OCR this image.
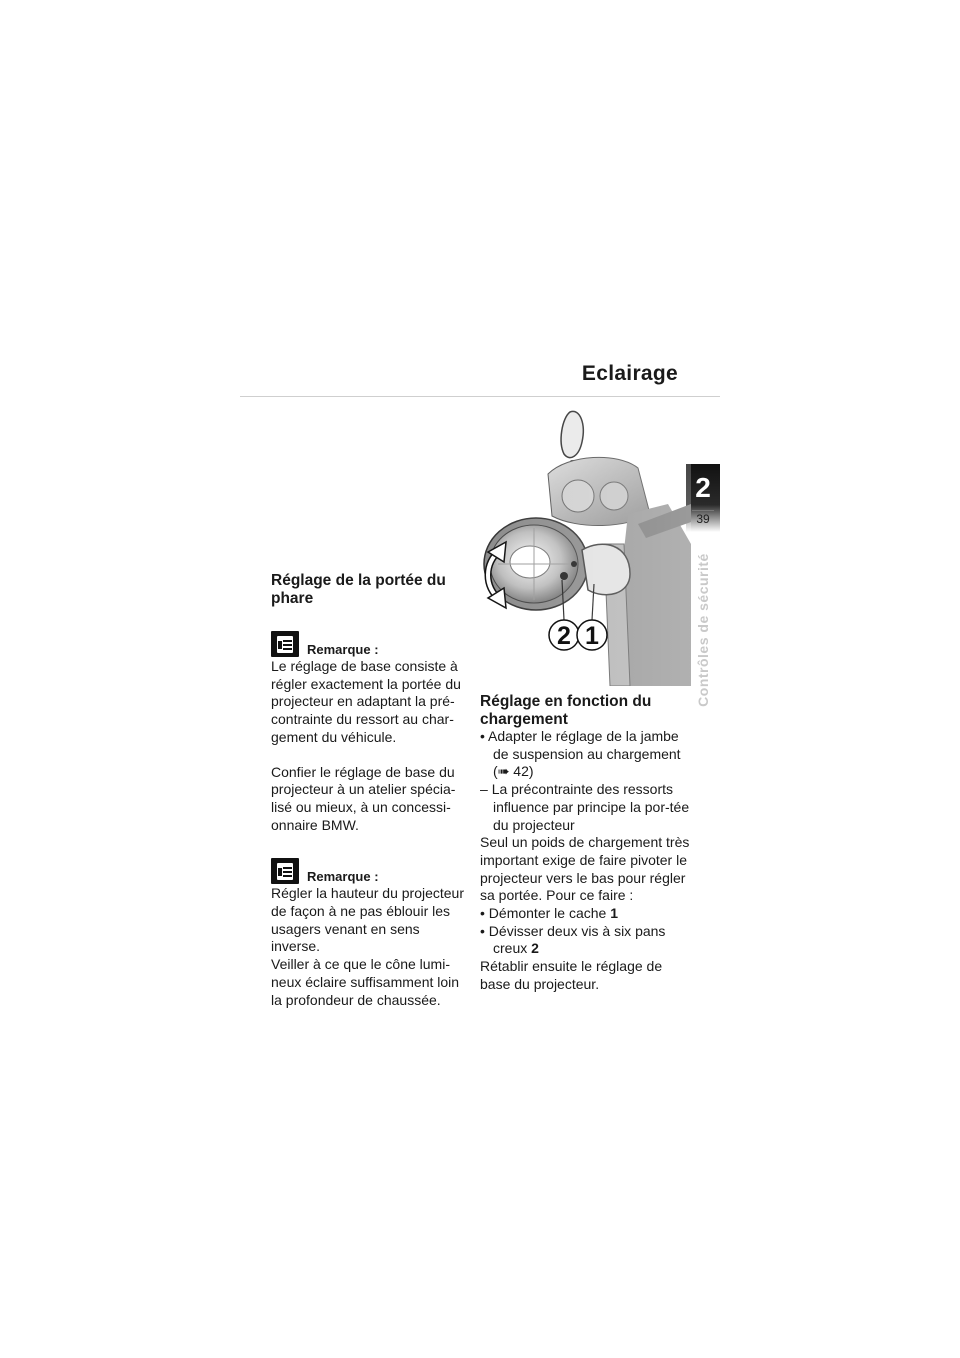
Eclairage
2
39
Contrôles de sécurité
2 1
Réglage de la portée du phare
Remarque :

Le réglage de base consiste à régler exactement la portée du projecteur en adaptant la pré-contrainte du ressort au char-gement du véhicule.

Confier le réglage de base du projecteur à un atelier spécia-lisé ou mieux, à un concessi-onnaire BMW.

Remarque :

Régler la hauteur du projecteur de façon à ne pas éblouir les usagers venant en sens inverse.

Veiller à ce que le cône lumi-neux éclaire suffisamment loin la profondeur de chaussée.

Réglage en fonction du chargement

• Adapter le réglage de la jambe de suspension au chargement (➠ 42)

– La précontrainte des ressorts influence par principe la por-tée du projecteur

Seul un poids de chargement très important exige de faire pivoter le projecteur vers le bas pour régler sa portée. Pour ce faire :

• Démonter le cache 1

• Dévisser deux vis à six pans creux 2

Rétablir ensuite le réglage de base du projecteur.
